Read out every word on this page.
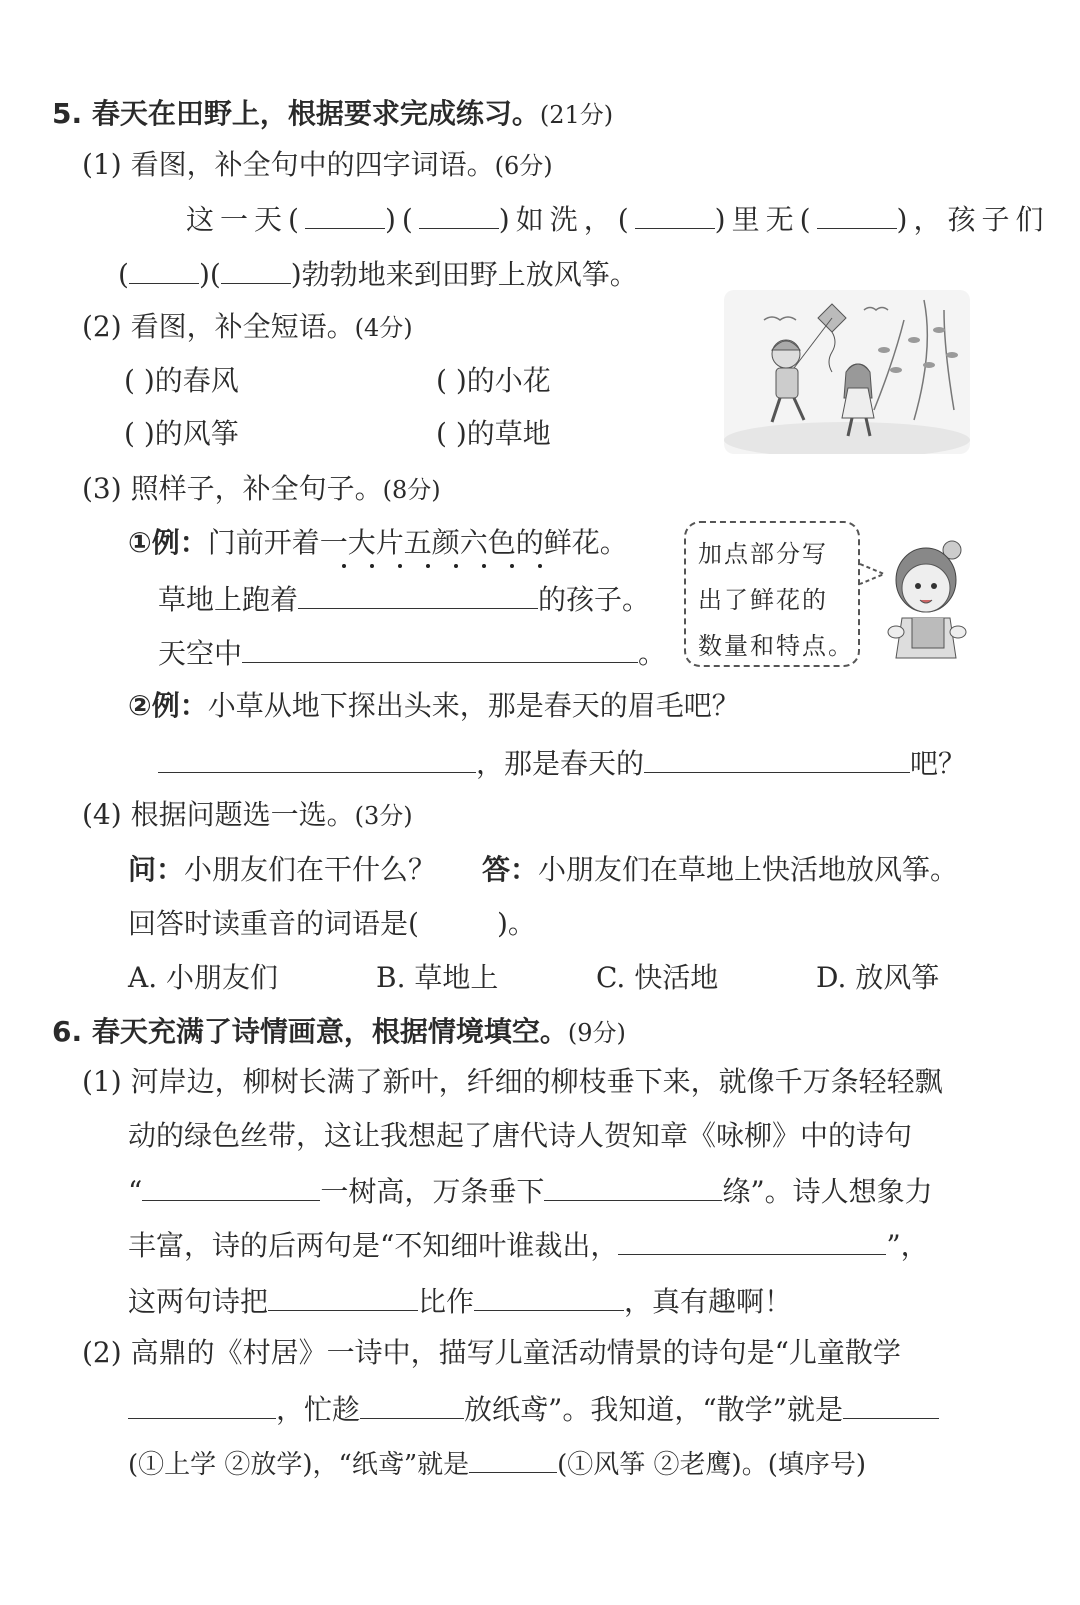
5. 春天在田野上，根据要求完成练习。(21分)
(1) 看图，补全句中的四字词语。(6分)
这一天(	)(	)如洗，(	)里无(	)，孩子们
(	)(	)勃勃地来到田野上放风筝。
(2) 看图，补全短语。(4分)
( )的春风	( )的小花
( )的风筝	( )的草地
(3) 照样子，补全句子。(8分)
①例：门前开着一大片五颜六色的鲜花。
草地上跑着	的孩子。
天空中	。
加点部分写
出了鲜花的
数量和特点。
②例：小草从地下探出头来，那是春天的眉毛吧？
，那是春天的	吧？
(4) 根据问题选一选。(3分)
问：小朋友们在干什么？ 答：小朋友们在草地上快活地放风筝。
回答时读重音的词语是(	)。
A. 小朋友们	B. 草地上	C. 快活地	D. 放风筝
6. 春天充满了诗情画意，根据情境填空。(9分)
(1) 河岸边，柳树长满了新叶，纤细的柳枝垂下来，就像千万条轻轻飘
动的绿色丝带，这让我想起了唐代诗人贺知章《咏柳》中的诗句
“	一树高，万条垂下	绦”。诗人想象力
丰富，诗的后两句是“不知细叶谁裁出，	”，
这两句诗把	比作	，真有趣啊！
(2) 高鼎的《村居》一诗中，描写儿童活动情景的诗句是“儿童散学
，忙趁	放纸鸢”。我知道，“散学”就是
(①上学 ②放学)，“纸鸢”就是	(①风筝 ②老鹰)。(填序号)
